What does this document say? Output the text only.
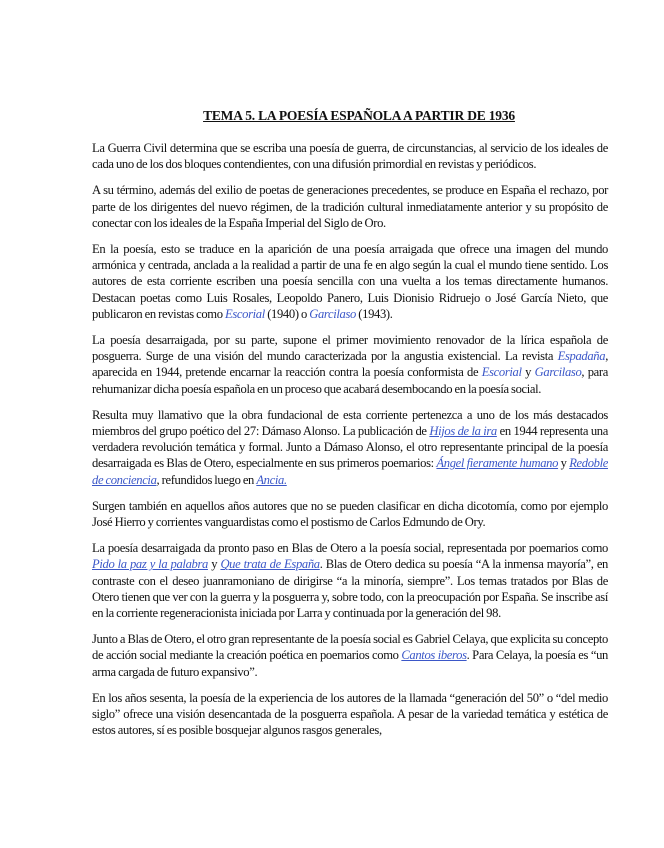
TEMA 5. LA POESÍA ESPAÑOLA A PARTIR DE 1936

La Guerra Civil determina que se escriba una poesía de guerra, de circunstancias, al servicio de los ideales de cada uno de los dos bloques contendientes, con una difusión primordial en revistas y periódicos.

A su término, además del exilio de poetas de generaciones precedentes, se produce en España el rechazo, por parte de los dirigentes del nuevo régimen, de la tradición cultural inmediatamente anterior y su propósito de conectar con los ideales de la España Imperial del Siglo de Oro.

En la poesía, esto se traduce en la aparición de una poesía arraigada que ofrece una imagen del mundo armónica y centrada, anclada a la realidad a partir de una fe en algo según la cual el mundo tiene sentido. Los autores de esta corriente escriben una poesía sencilla con una vuelta a los temas directamente humanos. Destacan poetas como Luis Rosales, Leopoldo Panero, Luis Dionisio Ridruejo o José García Nieto, que publicaron en revistas como Escorial (1940) o Garcilaso (1943).

La poesía desarraigada, por su parte, supone el primer movimiento renovador de la lírica española de posguerra. Surge de una visión del mundo caracterizada por la angustia existencial. La revista Espadaña, aparecida en 1944, pretende encarnar la reacción contra la poesía conformista de Escorial y Garcilaso, para rehumanizar dicha poesía española en un proceso que acabará desembocando en la poesía social.

Resulta muy llamativo que la obra fundacional de esta corriente pertenezca a uno de los más destacados miembros del grupo poético del 27: Dámaso Alonso. La publicación de Hijos de la ira en 1944 representa una verdadera revolución temática y formal. Junto a Dámaso Alonso, el otro representante principal de la poesía desarraigada es Blas de Otero, especialmente en sus primeros poemarios: Ángel fieramente humano y Redoble de conciencia, refundidos luego en Ancia.

Surgen también en aquellos años autores que no se pueden clasificar en dicha dicotomía, como por ejemplo José Hierro y corrientes vanguardistas como el postismo de Carlos Edmundo de Ory.

La poesía desarraigada da pronto paso en Blas de Otero a la poesía social, representada por poemarios como Pido la paz y la palabra y Que trata de España. Blas de Otero dedica su poesía “A la inmensa mayoría”, en contraste con el deseo juanramoniano de dirigirse “a la minoría, siempre”. Los temas tratados por Blas de Otero tienen que ver con la guerra y la posguerra y, sobre todo, con la preocupación por España. Se inscribe así en la corriente regeneracionista iniciada por Larra y continuada por la generación del 98.

Junto a Blas de Otero, el otro gran representante de la poesía social es Gabriel Celaya, que explicita su concepto de acción social mediante la creación poética en poemarios como Cantos iberos. Para Celaya, la poesía es “un arma cargada de futuro expansivo”.

En los años sesenta, la poesía de la experiencia de los autores de la llamada “generación del 50” o “del medio siglo” ofrece una visión desencantada de la posguerra española. A pesar de la variedad temática y estética de estos autores, sí es posible bosquejar algunos rasgos generales,
